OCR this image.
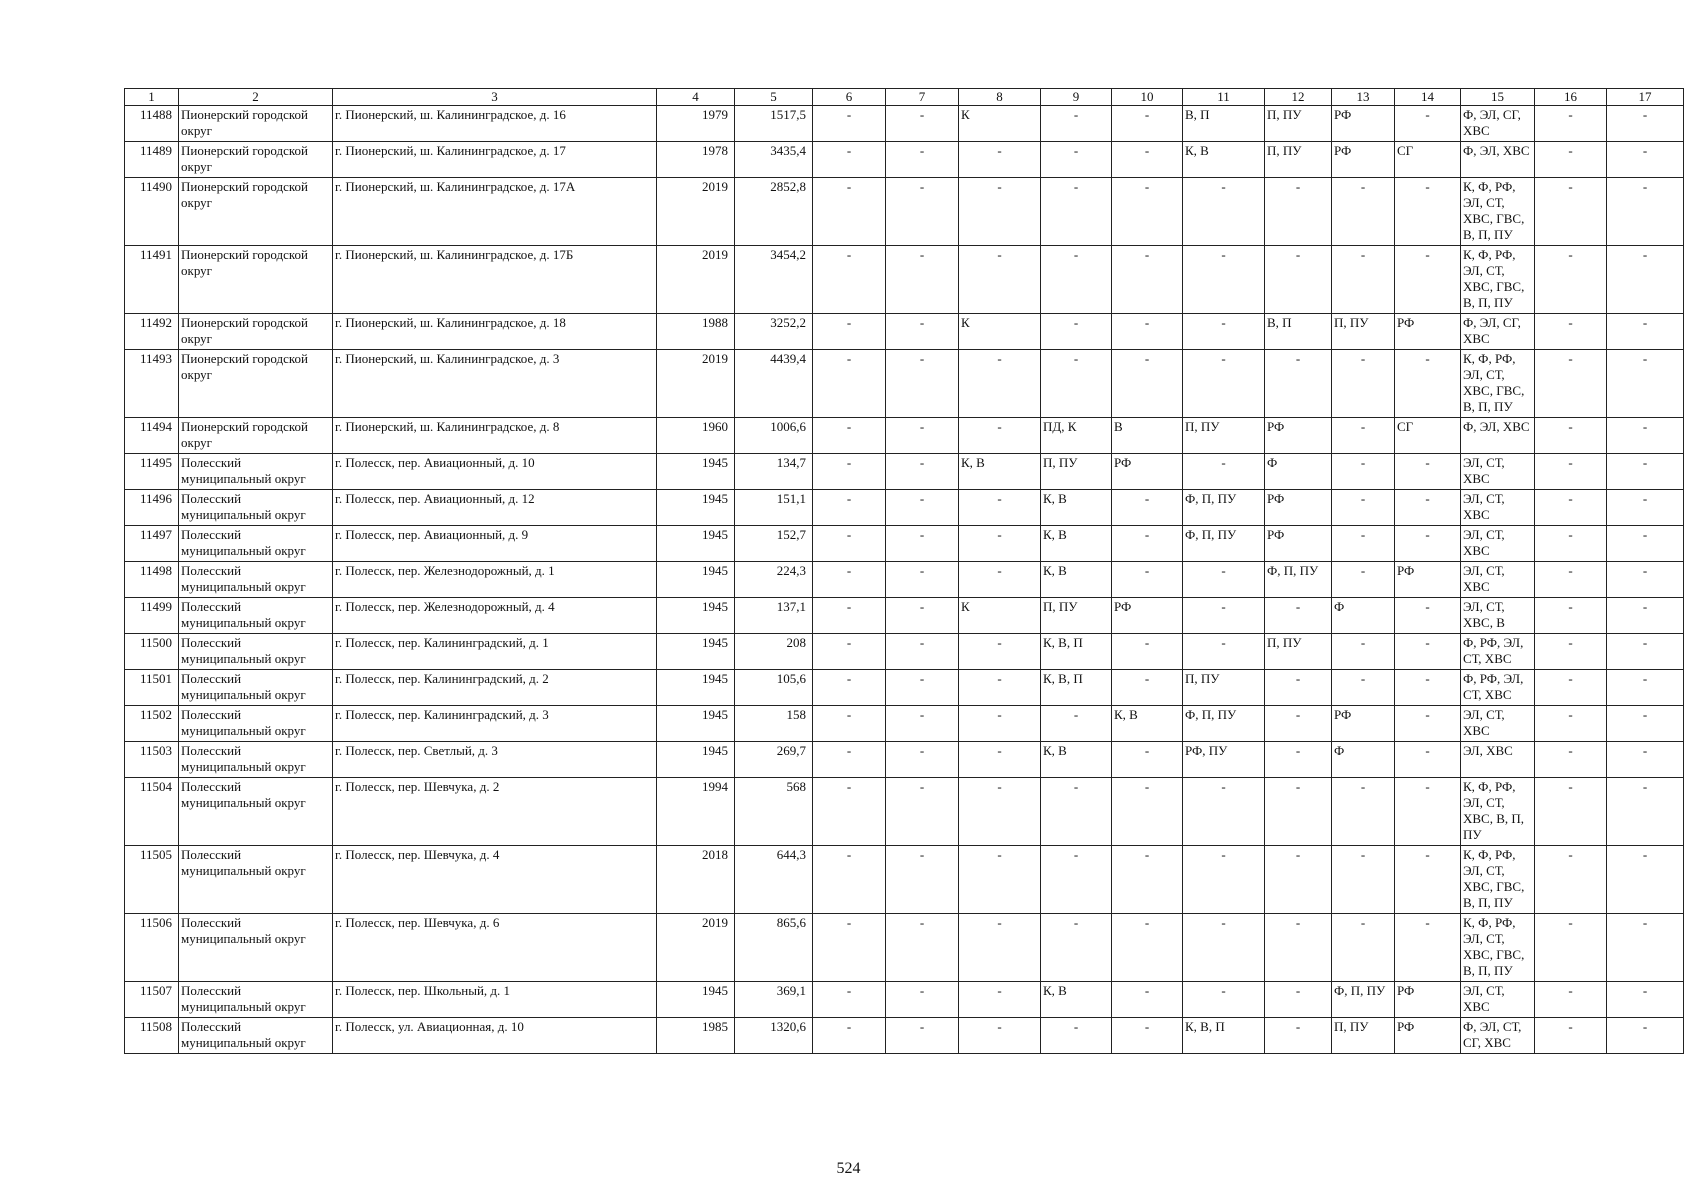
1	2	3	4	5	6	7	8	9	10	11	12	13	14	15	16	17
11488	Пионерский городской округ	г. Пионерский, ш. Калининградское, д. 16	1979	1517,5	-	-	К	-	-	В, П	П, ПУ	РФ	-	Ф, ЭЛ, СГ, ХВС	-	-
11489	Пионерский городской округ	г. Пионерский, ш. Калининградское, д. 17	1978	3435,4	-	-	-	-	-	К, В	П, ПУ	РФ	СГ	Ф, ЭЛ, ХВС	-	-
11490	Пионерский городской округ	г. Пионерский, ш. Калининградское, д. 17А	2019	2852,8	-	-	-	-	-	-	-	-	-	К, Ф, РФ, ЭЛ, СТ, ХВС, ГВС, В, П, ПУ	-	-
11491	Пионерский городской округ	г. Пионерский, ш. Калининградское, д. 17Б	2019	3454,2	-	-	-	-	-	-	-	-	-	К, Ф, РФ, ЭЛ, СТ, ХВС, ГВС, В, П, ПУ	-	-
11492	Пионерский городской округ	г. Пионерский, ш. Калининградское, д. 18	1988	3252,2	-	-	К	-	-	-	В, П	П, ПУ	РФ	Ф, ЭЛ, СГ, ХВС	-	-
11493	Пионерский городской округ	г. Пионерский, ш. Калининградское, д. 3	2019	4439,4	-	-	-	-	-	-	-	-	-	К, Ф, РФ, ЭЛ, СТ, ХВС, ГВС, В, П, ПУ	-	-
11494	Пионерский городской округ	г. Пионерский, ш. Калининградское, д. 8	1960	1006,6	-	-	-	ПД, К	В	П, ПУ	РФ	-	СГ	Ф, ЭЛ, ХВС	-	-
11495	Полесский муниципальный округ	г. Полесск, пер. Авиационный, д. 10	1945	134,7	-	-	К, В	П, ПУ	РФ	-	Ф	-	-	ЭЛ, СТ, ХВС	-	-
11496	Полесский муниципальный округ	г. Полесск, пер. Авиационный, д. 12	1945	151,1	-	-	-	К, В	-	Ф, П, ПУ	РФ	-	-	ЭЛ, СТ, ХВС	-	-
11497	Полесский муниципальный округ	г. Полесск, пер. Авиационный, д. 9	1945	152,7	-	-	-	К, В	-	Ф, П, ПУ	РФ	-	-	ЭЛ, СТ, ХВС	-	-
11498	Полесский муниципальный округ	г. Полесск, пер. Железнодорожный, д. 1	1945	224,3	-	-	-	К, В	-	-	Ф, П, ПУ	-	РФ	ЭЛ, СТ, ХВС	-	-
11499	Полесский муниципальный округ	г. Полесск, пер. Железнодорожный, д. 4	1945	137,1	-	-	К	П, ПУ	РФ	-	-	Ф	-	ЭЛ, СТ, ХВС, В	-	-
11500	Полесский муниципальный округ	г. Полесск, пер. Калининградский, д. 1	1945	208	-	-	-	К, В, П	-	-	П, ПУ	-	-	Ф, РФ, ЭЛ, СТ, ХВС	-	-
11501	Полесский муниципальный округ	г. Полесск, пер. Калининградский, д. 2	1945	105,6	-	-	-	К, В, П	-	П, ПУ	-	-	-	Ф, РФ, ЭЛ, СТ, ХВС	-	-
11502	Полесский муниципальный округ	г. Полесск, пер. Калининградский, д. 3	1945	158	-	-	-	-	К, В	Ф, П, ПУ	-	РФ	-	ЭЛ, СТ, ХВС	-	-
11503	Полесский муниципальный округ	г. Полесск, пер. Светлый, д. 3	1945	269,7	-	-	-	К, В	-	РФ, ПУ	-	Ф	-	ЭЛ, ХВС	-	-
11504	Полесский муниципальный округ	г. Полесск, пер. Шевчука, д. 2	1994	568	-	-	-	-	-	-	-	-	-	К, Ф, РФ, ЭЛ, СТ, ХВС, В, П, ПУ	-	-
11505	Полесский муниципальный округ	г. Полесск, пер. Шевчука, д. 4	2018	644,3	-	-	-	-	-	-	-	-	-	К, Ф, РФ, ЭЛ, СТ, ХВС, ГВС, В, П, ПУ	-	-
11506	Полесский муниципальный округ	г. Полесск, пер. Шевчука, д. 6	2019	865,6	-	-	-	-	-	-	-	-	-	К, Ф, РФ, ЭЛ, СТ, ХВС, ГВС, В, П, ПУ	-	-
11507	Полесский муниципальный округ	г. Полесск, пер. Школьный, д. 1	1945	369,1	-	-	-	К, В	-	-	-	Ф, П, ПУ	РФ	ЭЛ, СТ, ХВС	-	-
11508	Полесский муниципальный округ	г. Полесск, ул. Авиационная, д. 10	1985	1320,6	-	-	-	-	-	К, В, П	-	П, ПУ	РФ	Ф, ЭЛ, СТ, СГ, ХВС	-	-
524
